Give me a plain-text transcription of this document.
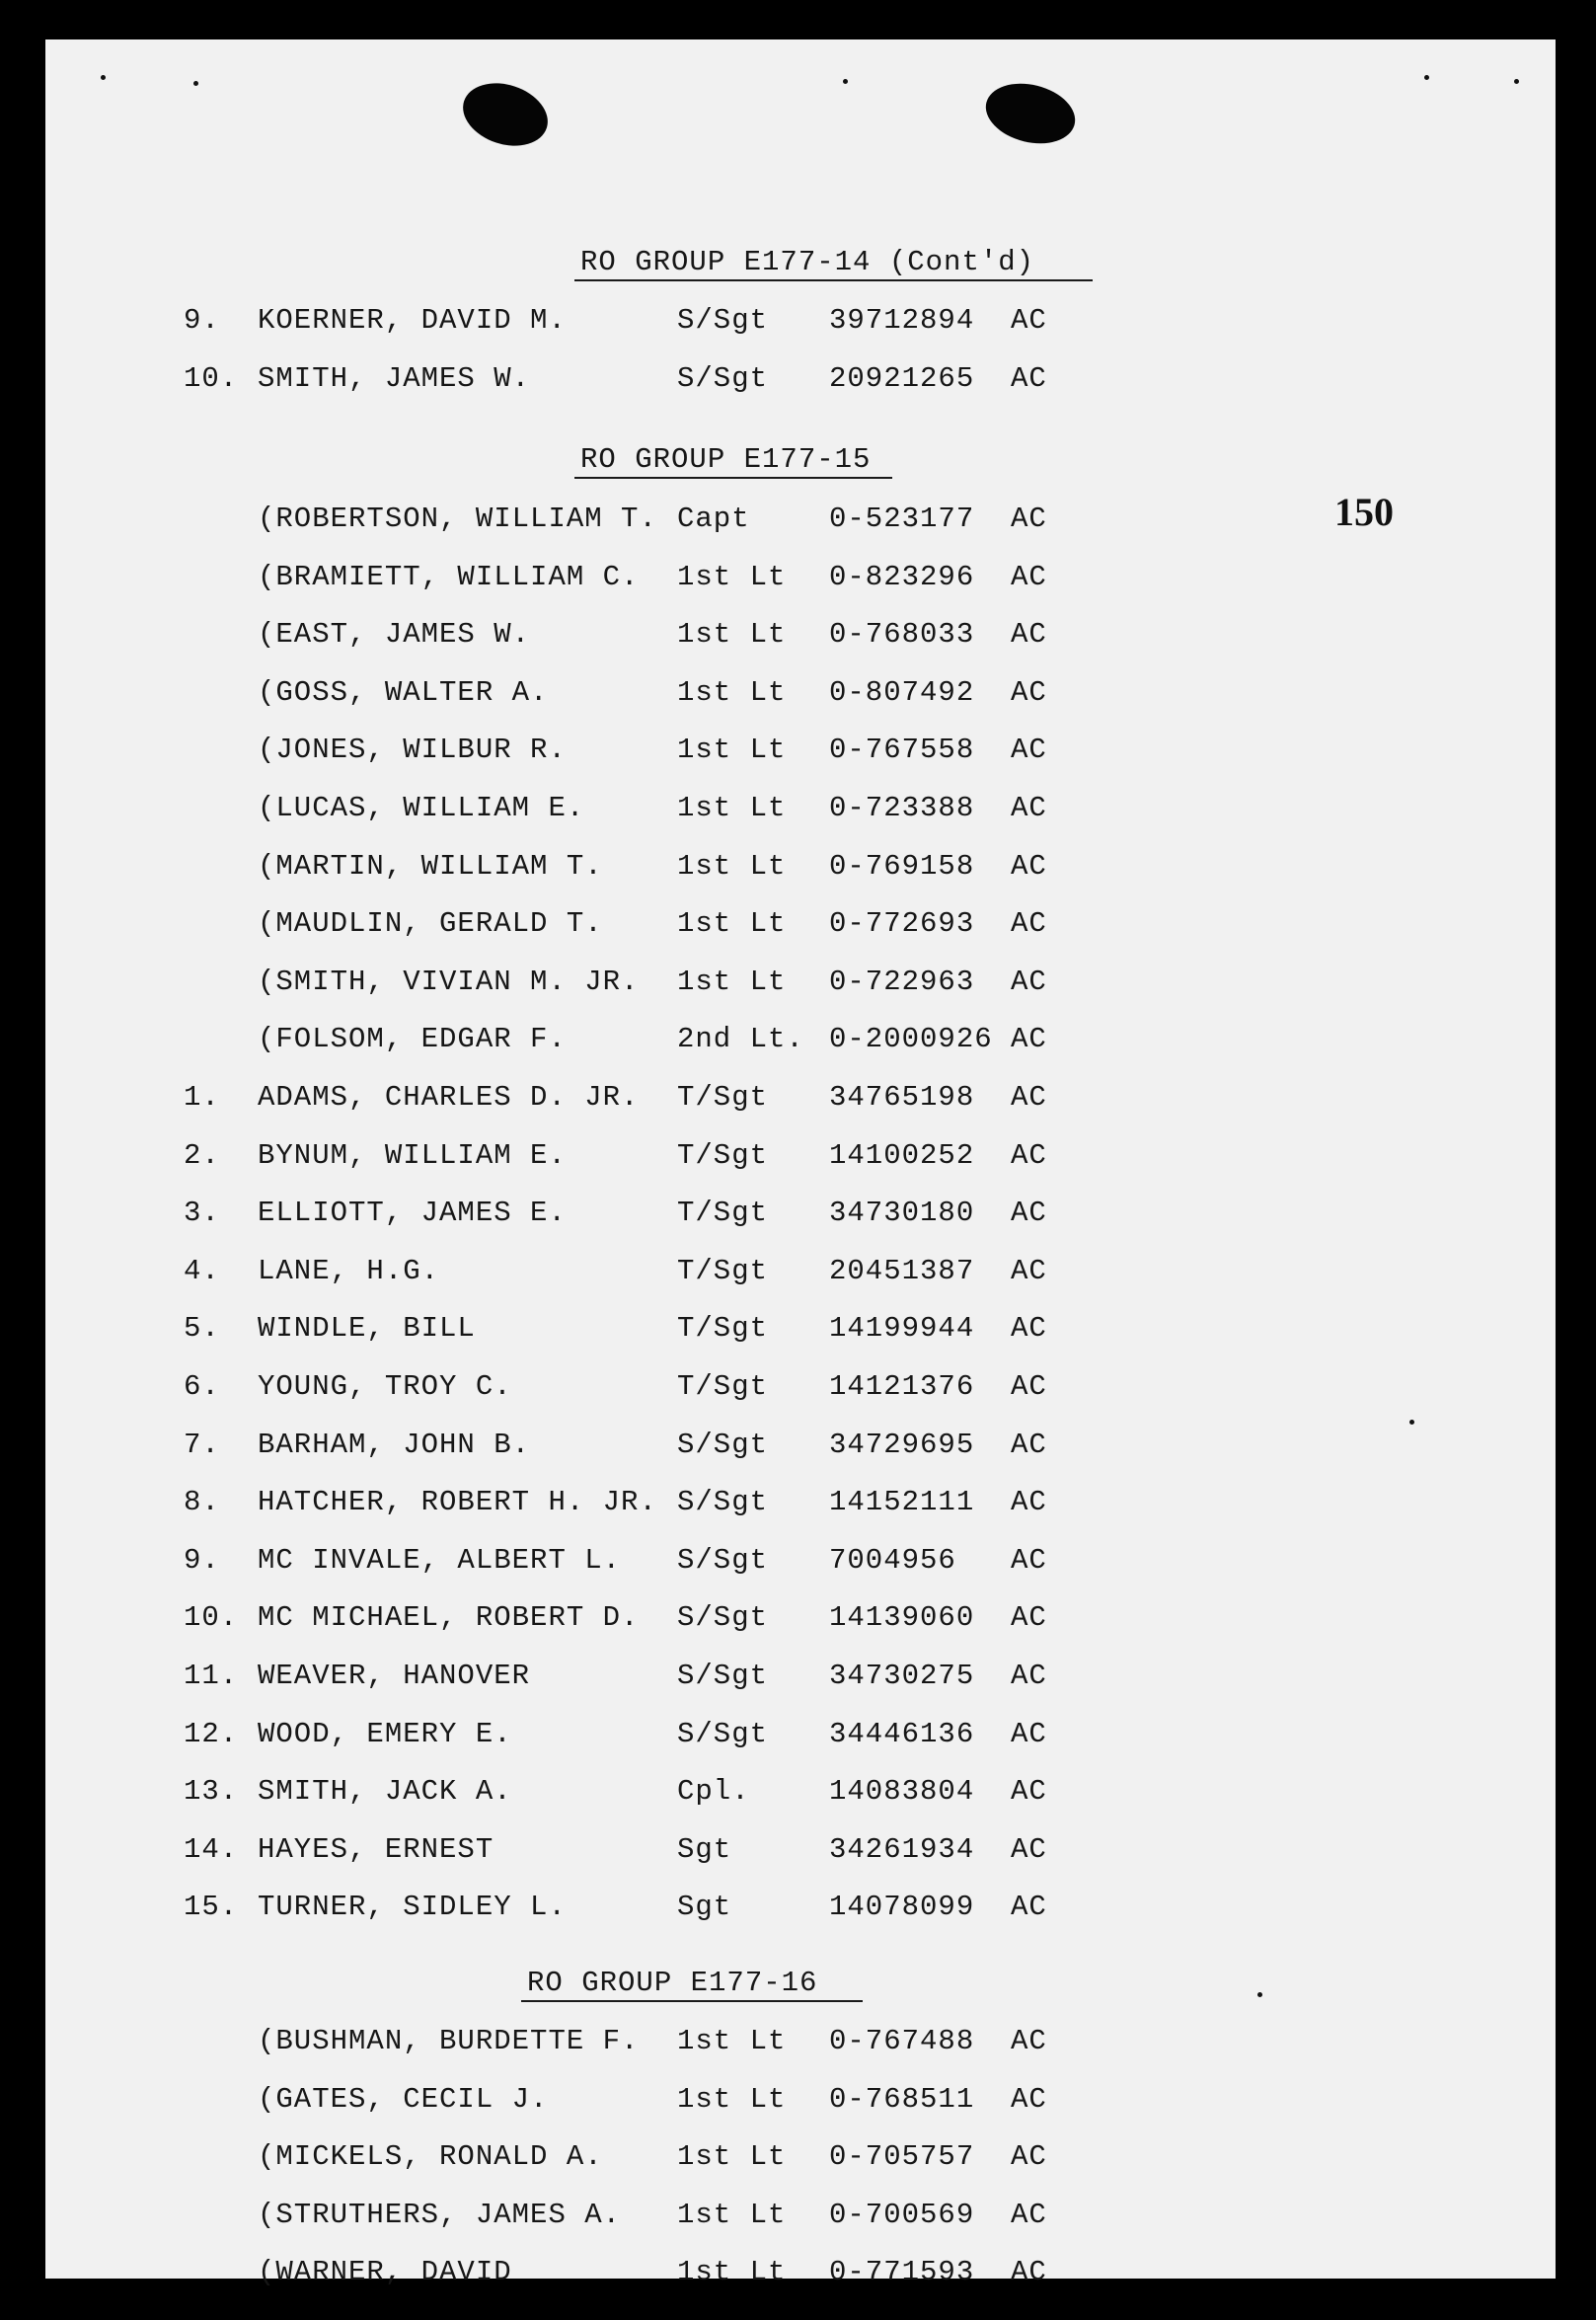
150
RO GROUP E177-14 (Cont'd)
9. KOERNER, DAVID M.	S/Sgt 39712894 AC
10. SMITH, JAMES W.	S/Sgt 20921265 AC
RO GROUP E177-15
(ROBERTSON, WILLIAM T. Capt	0-523177 AC
(BRAMIETT, WILLIAM C. 1st Lt 0-823296 AC
(EAST, JAMES W.	1st Lt 0-768033 AC
(GOSS, WALTER A.	1st Lt 0-807492 AC
(JONES, WILBUR R.	1st Lt 0-767558 AC
(LUCAS, WILLIAM E.	1st Lt 0-723388 AC
(MARTIN, WILLIAM T.	1st Lt 0-769158 AC
(MAUDLIN, GERALD T.	1st Lt 0-772693 AC
(SMITH, VIVIAN M. JR. 1st Lt 0-722963 AC
(FOLSOM, EDGAR F.	2nd Lt. 0-2000926 AC
1. ADAMS, CHARLES D. JR. T/Sgt 34765198 AC
2. BYNUM, WILLIAM E.	T/Sgt 14100252 AC
3. ELLIOTT, JAMES E.	T/Sgt 34730180 AC
4. LANE, H.G.	T/Sgt 20451387 AC
5. WINDLE, BILL	T/Sgt 14199944 AC
6. YOUNG, TROY C.	T/Sgt 14121376 AC
7. BARHAM, JOHN B.	S/Sgt 34729695 AC
8. HATCHER, ROBERT H. JR. S/Sgt 14152111 AC
9. MC INVALE, ALBERT L. S/Sgt 7004956 AC
10. MC MICHAEL, ROBERT D. S/Sgt 14139060 AC
11. WEAVER, HANOVER	S/Sgt 34730275 AC
12. WOOD, EMERY E.	S/Sgt 34446136 AC
13. SMITH, JACK A.	Cpl.	14083804 AC
14. HAYES, ERNEST	Sgt	34261934 AC
15. TURNER, SIDLEY L.	Sgt	14078099 AC
RO GROUP E177-16
(BUSHMAN, BURDETTE F. 1st Lt 0-767488 AC
(GATES, CECIL J.	1st Lt 0-768511 AC
(MICKELS, RONALD A.	1st Lt 0-705757 AC
(STRUTHERS, JAMES A. 1st Lt 0-700569 AC
(WARNER, DAVID	1st Lt 0-771593 AC
